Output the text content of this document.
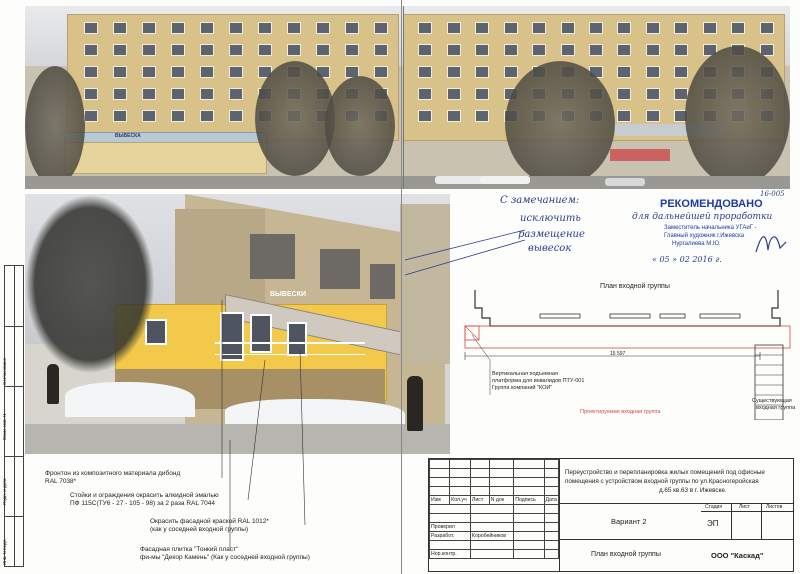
ВЫВЕСКА
ВЫВЕСКИ
С замечанием:
исключить
размещение
вывесок
16-005
РЕКОМЕНДОВАНО
для дальнейшей проработки
Заместитель начальника УГАиГ -
Главный художник г.Ижевска
Нургалиева М.Ю.
« 05 » 02 2016 г.
План входной группы
15 597
Вертикальная подъемная
платформа для инвалидов ПТУ-001
Группа компаний "КОИ"
Проектируемая входная группа
Существующая
входная группа
Фронтон из композитного материала дибонд
RAL 7038*
Стойки и ограждения окрасить алкидной эмалью
ПФ 115С(ТУ6 - 27 - 105 - 98) за 2 раза RAL 7044
Окрасить фасадной краской RAL 1012*
(как у соседней входной группы)
Фасадная плитка "Тонкий пласт"
фи-мы "Декор Камень" (Как у соседней входной группы)
Инв. N подл.
Подп. и дата
Взам. инв. N
Согласовано

Изм	Кол.уч	Лист	N док	Подпись	Дата

Проверил					
Разработ.		Коробейников			

Нор.контр.					
Переустройство и перепланировка жилых помещений под офисные
помещения с устройством входной группы по ул.Красногеройская
д.65 кв.63 в г. Ижевске.
Вариант 2
План входной группы
Стадия	Лист	Листов
ЭП
ООО "Каскад"
